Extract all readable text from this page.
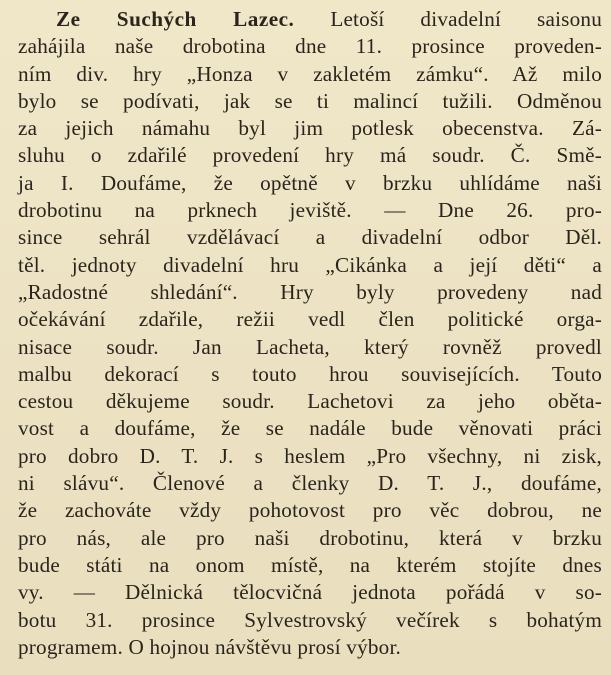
Ze Suchých Lazec. Letoší divadelní saisonu
zahájila naše drobotina dne 11. prosince proveden-
ním div. hry „Honza v zakletém zámku“. Až milo
bylo se podívati, jak se ti malincí tužili. Odměnou
za jejich námahu byl jim potlesk obecenstva. Zá-
sluhu o zdařilé provedení hry má soudr. Č. Smě-
ja I. Doufáme, že opětně v brzku uhlídáme naši
drobotinu na prknech jeviště. — Dne 26. pro-
since sehrál vzdělávací a divadelní odbor Děl.
těl. jednoty divadelní hru „Cikánka a její děti“ a
„Radostné shledání“. Hry byly provedeny nad
očekávání zdařile, režii vedl člen politické orga-
nisace soudr. Jan Lacheta, který rovněž provedl
malbu dekorací s touto hrou souvisejících. Touto
cestou děkujeme soudr. Lachetovi za jeho oběta-
vost a doufáme, že se nadále bude věnovati práci
pro dobro D. T. J. s heslem „Pro všechny, ni zisk,
ni slávu“. Členové a členky D. T. J., doufáme,
že zachováte vždy pohotovost pro věc dobrou, ne
pro nás, ale pro naši drobotinu, která v brzku
bude státi na onom místě, na kterém stojíte dnes
vy. — Dělnická tělocvičná jednota pořádá v so-
botu 31. prosince Sylvestrovský večírek s bohatým
programem. O hojnou návštěvu prosí výbor.
